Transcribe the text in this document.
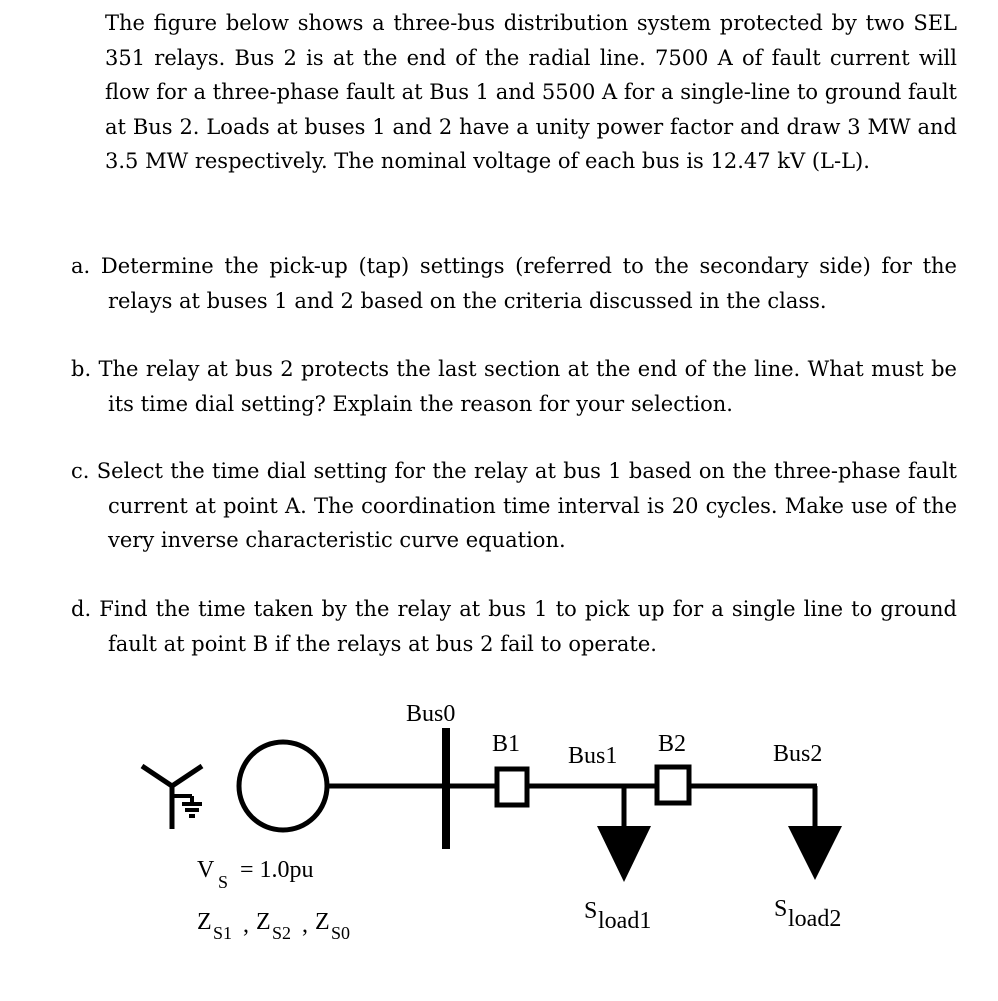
The figure below shows a three-bus distribution system protected by two SEL 351 relays. Bus 2 is at the end of the radial line. 7500 A of fault current will flow for a three-phase fault at Bus 1 and 5500 A for a single-line to ground fault at Bus 2. Loads at buses 1 and 2 have a unity power factor and draw 3 MW and 3.5 MW respectively. The nominal voltage of each bus is 12.47 kV (L-L).
a. Determine the pick-up (tap) settings (referred to the secondary side) for the relays at buses 1 and 2 based on the criteria discussed in the class.
b. The relay at bus 2 protects the last section at the end of the line. What must be its time dial setting? Explain the reason for your selection.
c. Select the time dial setting for the relay at bus 1 based on the three-phase fault current at point A. The coordination time interval is 20 cycles. Make use of the very inverse characteristic curve equation.
d. Find the time taken by the relay at bus 1 to pick up for a single line to ground fault at point B if the relays at bus 2 fail to operate.
Bus0
B1 Bus1 B2	Bus2
V S = 1.0pu
Z S1 , Z S2 , Z S0
S load1	S load2
